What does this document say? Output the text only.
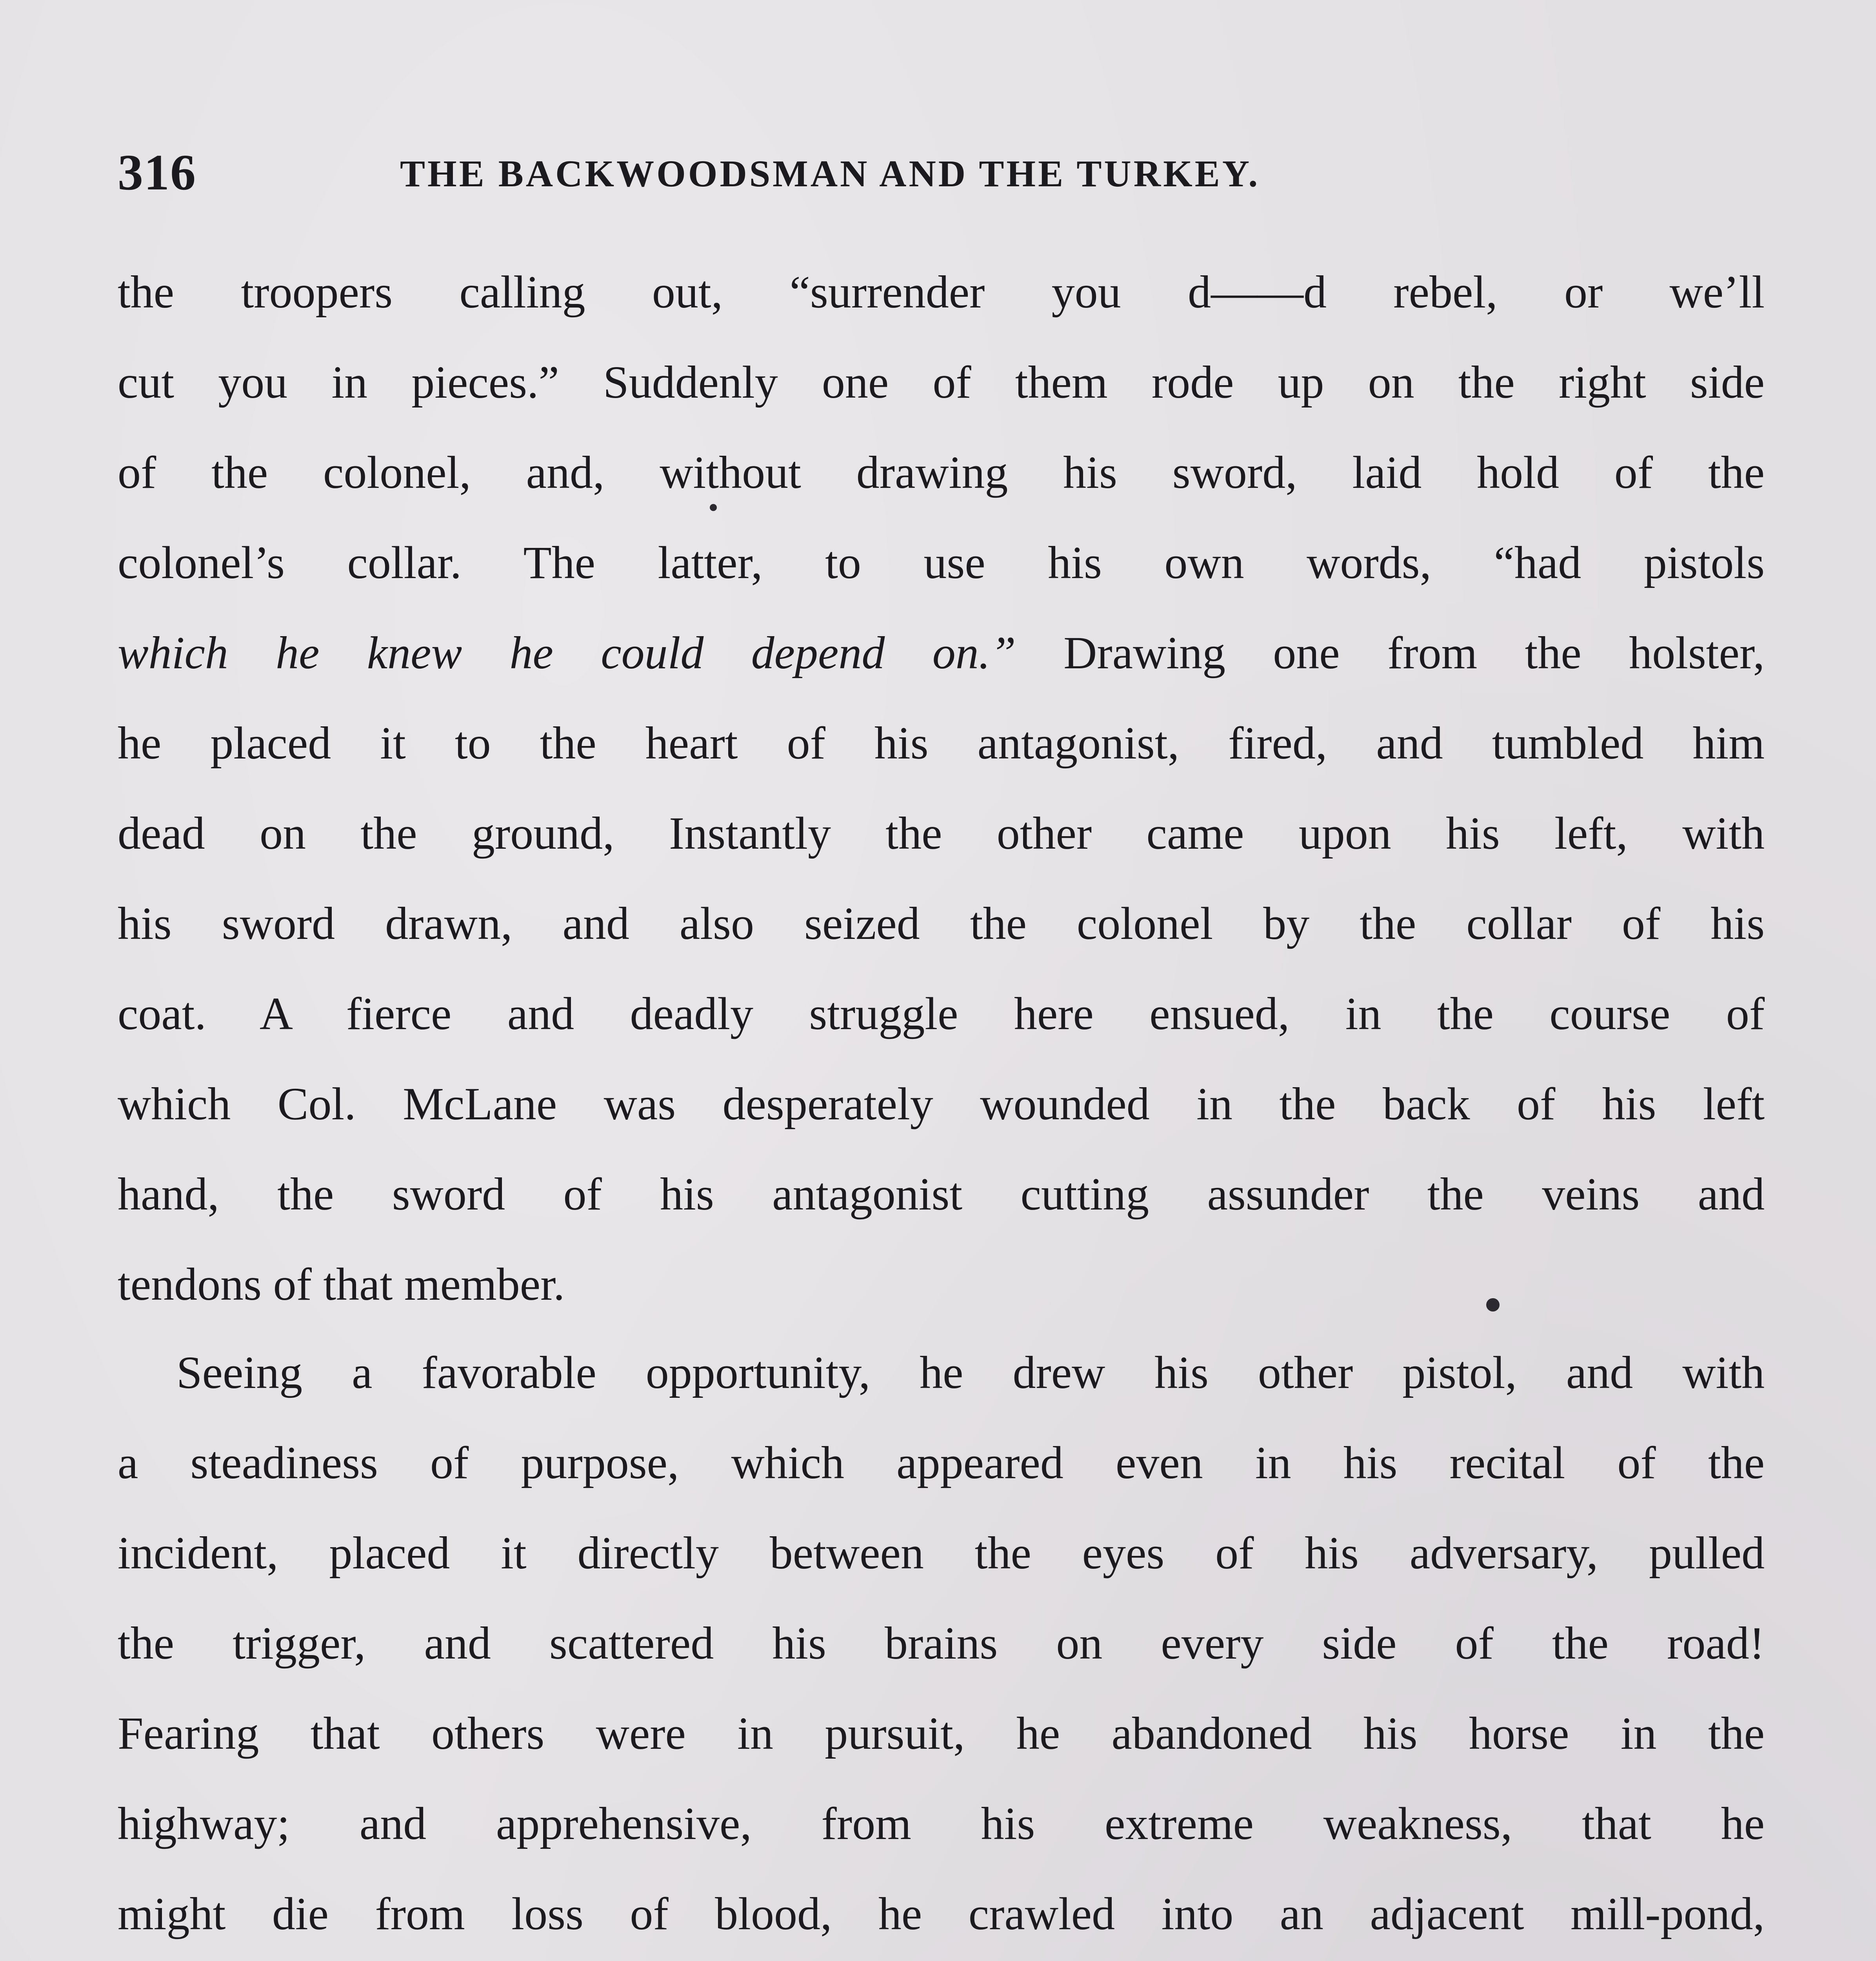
316	THE BACKWOODSMAN AND THE TURKEY.
the troopers calling out, “surrender you d——d rebel, or we’ll
cut you in pieces.” Suddenly one of them rode up on the right side
of the colonel, and, without drawing his sword, laid hold of the
colonel’s collar. The latter, to use his own words, “had pistols
which he knew he could depend on.” Drawing one from the holster,
he placed it to the heart of his antagonist, fired, and tumbled him
dead on the ground, Instantly the other came upon his left, with
his sword drawn, and also seized the colonel by the collar of his
coat. A fierce and deadly struggle here ensued, in the course of
which Col. McLane was desperately wounded in the back of his left
hand, the sword of his antagonist cutting assunder the veins and
tendons of that member.
Seeing a favorable opportunity, he drew his other pistol, and with
a steadiness of purpose, which appeared even in his recital of the
incident, placed it directly between the eyes of his adversary, pulled
the trigger, and scattered his brains on every side of the road!
Fearing that others were in pursuit, he abandoned his horse in the
highway; and apprehensive, from his extreme weakness, that he
might die from loss of blood, he crawled into an adjacent mill-pond,
